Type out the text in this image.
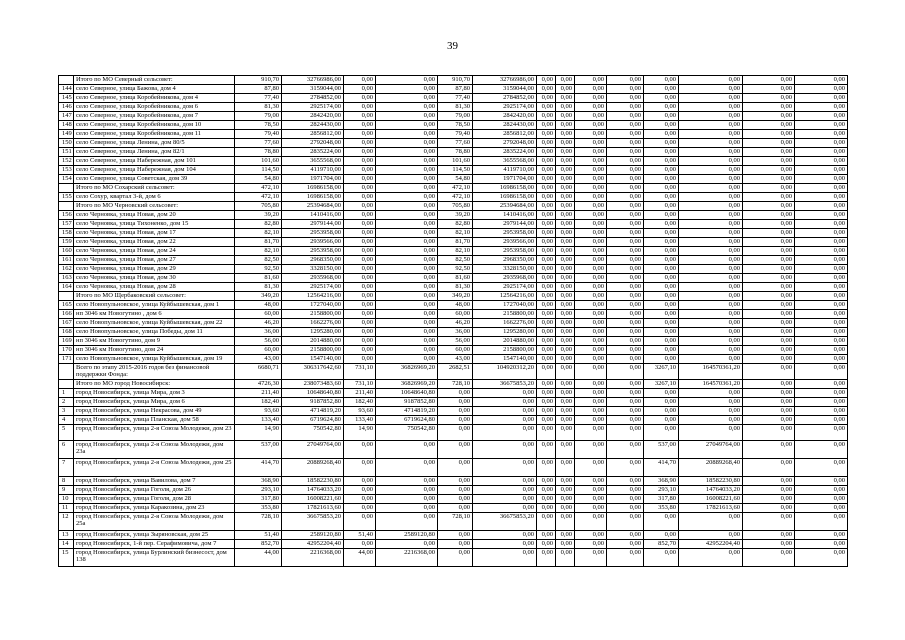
39
	Итого по МО Северный сельсовет:	910,70	32766986,00	0,00	0,00	910,70	32766986,00	0,00	0,00	0,00	0,00	0,00	0,00	0,00	0,00
144	село Северное, улица Бажова, дом 4	87,80	3159044,00	0,00	0,00	87,80	3159044,00	0,00	0,00	0,00	0,00	0,00	0,00	0,00	0,00
145	село Северное, улица Коробейникова, дом 4	77,40	2784852,00	0,00	0,00	77,40	2784852,00	0,00	0,00	0,00	0,00	0,00	0,00	0,00	0,00
146	село Северное, улица Коробейникова, дом 6	81,30	2925174,00	0,00	0,00	81,30	2925174,00	0,00	0,00	0,00	0,00	0,00	0,00	0,00	0,00
147	село Северное, улица Коробейникова, дом 7	79,00	2842420,00	0,00	0,00	79,00	2842420,00	0,00	0,00	0,00	0,00	0,00	0,00	0,00	0,00
148	село Северное, улица Коробейникова, дом 10	78,50	2824430,00	0,00	0,00	78,50	2824430,00	0,00	0,00	0,00	0,00	0,00	0,00	0,00	0,00
149	село Северное, улица Коробейникова, дом 11	79,40	2856812,00	0,00	0,00	79,40	2856812,00	0,00	0,00	0,00	0,00	0,00	0,00	0,00	0,00
150	село Северное, улица Ленина, дом 80/5	77,60	2792048,00	0,00	0,00	77,60	2792048,00	0,00	0,00	0,00	0,00	0,00	0,00	0,00	0,00
151	село Северное, улица Ленина, дом 82/1	78,80	2835224,00	0,00	0,00	78,80	2835224,00	0,00	0,00	0,00	0,00	0,00	0,00	0,00	0,00
152	село Северное, улица Набережная, дом 101	101,60	3655568,00	0,00	0,00	101,60	3655568,00	0,00	0,00	0,00	0,00	0,00	0,00	0,00	0,00
153	село Северное, улица Набережная, дом 104	114,50	4119710,00	0,00	0,00	114,50	4119710,00	0,00	0,00	0,00	0,00	0,00	0,00	0,00	0,00
154	село Северное, улица Советская, дом 39	54,80	1971704,00	0,00	0,00	54,80	1971704,00	0,00	0,00	0,00	0,00	0,00	0,00	0,00	0,00
	Итого по МО Сохарский сельсовет:	472,10	16986158,00	0,00	0,00	472,10	16986158,00	0,00	0,00	0,00	0,00	0,00	0,00	0,00	0,00
155	село Сохур, квартал 3-й, дом 6	472,10	16986158,00	0,00	0,00	472,10	16986158,00	0,00	0,00	0,00	0,00	0,00	0,00	0,00	0,00
	Итого по МО Черновский сельсовет:	705,80	25394684,00	0,00	0,00	705,80	25394684,00	0,00	0,00	0,00	0,00	0,00	0,00	0,00	0,00
156	село Черновка, улица Новая, дом 20	39,20	1410416,00	0,00	0,00	39,20	1410416,00	0,00	0,00	0,00	0,00	0,00	0,00	0,00	0,00
157	село Черновка, улица Тихоненко, дом 15	82,80	2979144,00	0,00	0,00	82,80	2979144,00	0,00	0,00	0,00	0,00	0,00	0,00	0,00	0,00
158	село Черновка, улица Новая, дом 17	82,10	2953958,00	0,00	0,00	82,10	2953958,00	0,00	0,00	0,00	0,00	0,00	0,00	0,00	0,00
159	село Черновка, улица Новая, дом 22	81,70	2939566,00	0,00	0,00	81,70	2939566,00	0,00	0,00	0,00	0,00	0,00	0,00	0,00	0,00
160	село Черновка, улица Новая, дом 24	82,10	2953958,00	0,00	0,00	82,10	2953958,00	0,00	0,00	0,00	0,00	0,00	0,00	0,00	0,00
161	село Черновка, улица Новая, дом 27	82,50	2968350,00	0,00	0,00	82,50	2968350,00	0,00	0,00	0,00	0,00	0,00	0,00	0,00	0,00
162	село Черновка, улица Новая, дом 29	92,50	3328150,00	0,00	0,00	92,50	3328150,00	0,00	0,00	0,00	0,00	0,00	0,00	0,00	0,00
163	село Черновка, улица Новая, дом 30	81,60	2935968,00	0,00	0,00	81,60	2935968,00	0,00	0,00	0,00	0,00	0,00	0,00	0,00	0,00
164	село Черновка, улица Новая, дом 28	81,30	2925174,00	0,00	0,00	81,30	2925174,00	0,00	0,00	0,00	0,00	0,00	0,00	0,00	0,00
	Итого по МО Щербаковский сельсовет:	349,20	12564216,00	0,00	0,00	349,20	12564216,00	0,00	0,00	0,00	0,00	0,00	0,00	0,00	0,00
165	село Новопульновское, улица Куйбышевская, дом 1	48,00	1727040,00	0,00	0,00	48,00	1727040,00	0,00	0,00	0,00	0,00	0,00	0,00	0,00	0,00
166	нп 3046 км Новогутино , дом 6	60,00	2158800,00	0,00	0,00	60,00	2158800,00	0,00	0,00	0,00	0,00	0,00	0,00	0,00	0,00
167	село Новопульновское, улица Куйбышевская, дом 22	46,20	1662276,00	0,00	0,00	46,20	1662276,00	0,00	0,00	0,00	0,00	0,00	0,00	0,00	0,00
168	село Новопульновское, улица Победы, дом 11	36,00	1295280,00	0,00	0,00	36,00	1295280,00	0,00	0,00	0,00	0,00	0,00	0,00	0,00	0,00
169	нп 3046 км Новогутино, дом 9	56,00	2014880,00	0,00	0,00	56,00	2014880,00	0,00	0,00	0,00	0,00	0,00	0,00	0,00	0,00
170	нп 3046 км Новогутино, дом 24	60,00	2158800,00	0,00	0,00	60,00	2158800,00	0,00	0,00	0,00	0,00	0,00	0,00	0,00	0,00
171	село Новопульновское, улица Куйбышевская, дом 19	43,00	1547140,00	0,00	0,00	43,00	1547140,00	0,00	0,00	0,00	0,00	0,00	0,00	0,00	0,00
	Всего по этапу 2015-2016 годов без финансовой поддержки Фонда:	6680,71	306317642,60	731,10	36826969,20	2682,51	104920312,20	0,00	0,00	0,00	0,00	3267,10	164570361,20	0,00	0,00
	Итого по МО город Новосибирск:	4726,30	238073483,60	731,10	36826969,20	728,10	36675853,20	0,00	0,00	0,00	0,00	3267,10	164570361,20	0,00	0,00
1	город Новосибирск, улица Мира, дом 3	211,40	10648640,80	211,40	10648640,80	0,00	0,00	0,00	0,00	0,00	0,00	0,00	0,00	0,00	0,00
2	город Новосибирск, улица Мира, дом 6	182,40	9187852,80	182,40	9187852,80	0,00	0,00	0,00	0,00	0,00	0,00	0,00	0,00	0,00	0,00
3	город Новосибирск, улица Некрасова, дом 49	93,60	4714819,20	93,60	4714819,20	0,00	0,00	0,00	0,00	0,00	0,00	0,00	0,00	0,00	0,00
4	город Новосибирск, улица Планская, дом 58	133,40	6719624,80	133,40	6719624,80	0,00	0,00	0,00	0,00	0,00	0,00	0,00	0,00	0,00	0,00
5	город Новосибирск, улица 2-я Союза Молодежи, дом 23	14,90	750542,80	14,90	750542,80	0,00	0,00	0,00	0,00	0,00	0,00	0,00	0,00	0,00	0,00
6	город Новосибирск, улица 2-я Союза Молодежи, дом 23а	537,00	27049764,00	0,00	0,00	0,00	0,00	0,00	0,00	0,00	0,00	537,00	27049764,00	0,00	0,00
7	город Новосибирск, улица 2-я Союза Молодежи, дом 25	414,70	20889268,40	0,00	0,00	0,00	0,00	0,00	0,00	0,00	0,00	414,70	20889268,40	0,00	0,00
8	город Новосибирск, улица Вавилова, дом 7	368,90	18582230,80	0,00	0,00	0,00	0,00	0,00	0,00	0,00	0,00	368,90	18582230,80	0,00	0,00
9	город Новосибирск, улица Гоголя, дом 26	293,10	14764033,20	0,00	0,00	0,00	0,00	0,00	0,00	0,00	0,00	293,10	14764033,20	0,00	0,00
10	город Новосибирск, улица Гоголя, дом 28	317,80	16008221,60	0,00	0,00	0,00	0,00	0,00	0,00	0,00	0,00	317,80	16008221,60	0,00	0,00
11	город Новосибирск, улица Каракозина, дом 23	353,80	17821613,60	0,00	0,00	0,00	0,00	0,00	0,00	0,00	0,00	353,80	17821613,60	0,00	0,00
12	город Новосибирск, улица 2-я Союза Молодежи, дом 25а	728,10	36675853,20	0,00	0,00	728,10	36675853,20	0,00	0,00	0,00	0,00	0,00	0,00	0,00	0,00
13	город Новосибирск, улица Зыряновская, дом 25	51,40	2589120,80	51,40	2589120,80	0,00	0,00	0,00	0,00	0,00	0,00	0,00	0,00	0,00	0,00
14	город Новосибирск, 1-й пер. Серафимовича, дом 7	852,70	42952204,40	0,00	0,00	0,00	0,00	0,00	0,00	0,00	0,00	852,70	42952204,40	0,00	0,00
15	город Новосибирск, улица Бурлинский бизнесост, дом 138	44,00	2216368,00	44,00	2216368,00	0,00	0,00	0,00	0,00	0,00	0,00	0,00	0,00	0,00	0,00
